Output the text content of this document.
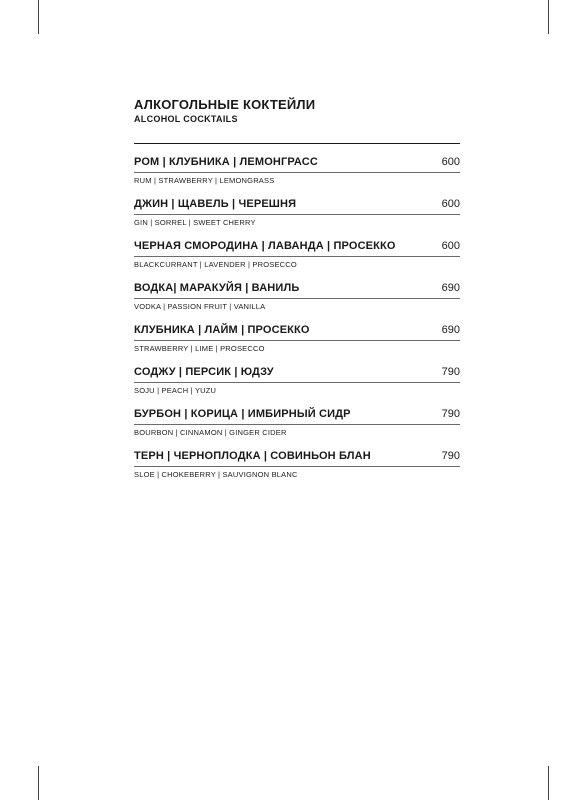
АЛКОГОЛЬНЫЕ КОКТЕЙЛИ
ALCOHOL COCKTAILS
РОМ | КЛУБНИКА | ЛЕМОНГРАСС	600
RUM | STRAWBERRY | LEMONGRASS
ДЖИН | ЩАВЕЛЬ | ЧЕРЕШНЯ	600
GIN | SORREL | SWEET CHERRY
ЧЕРНАЯ СМОРОДИНА | ЛАВАНДА | ПРОСЕККО	600
BLACKCURRANT | LAVENDER | PROSECCO
ВОДКА| МАРАКУЙЯ | ВАНИЛЬ	690
VODKA | PASSION FRUIT | VANILLA
КЛУБНИКА | ЛАЙМ | ПРОСЕККО	690
STRAWBERRY | LIME | PROSECCO
СОДЖУ | ПЕРСИК | ЮДЗУ	790
SOJU | PEACH | YUZU
БУРБОН | КОРИЦА | ИМБИРНЫЙ СИДР	790
BOURBON | CINNAMON | GINGER CIDER
ТЕРН | ЧЕРНОПЛОДКА | СОВИНЬОН БЛАН	790
SLOE | CHOKEBERRY | SAUVIGNON BLANC
